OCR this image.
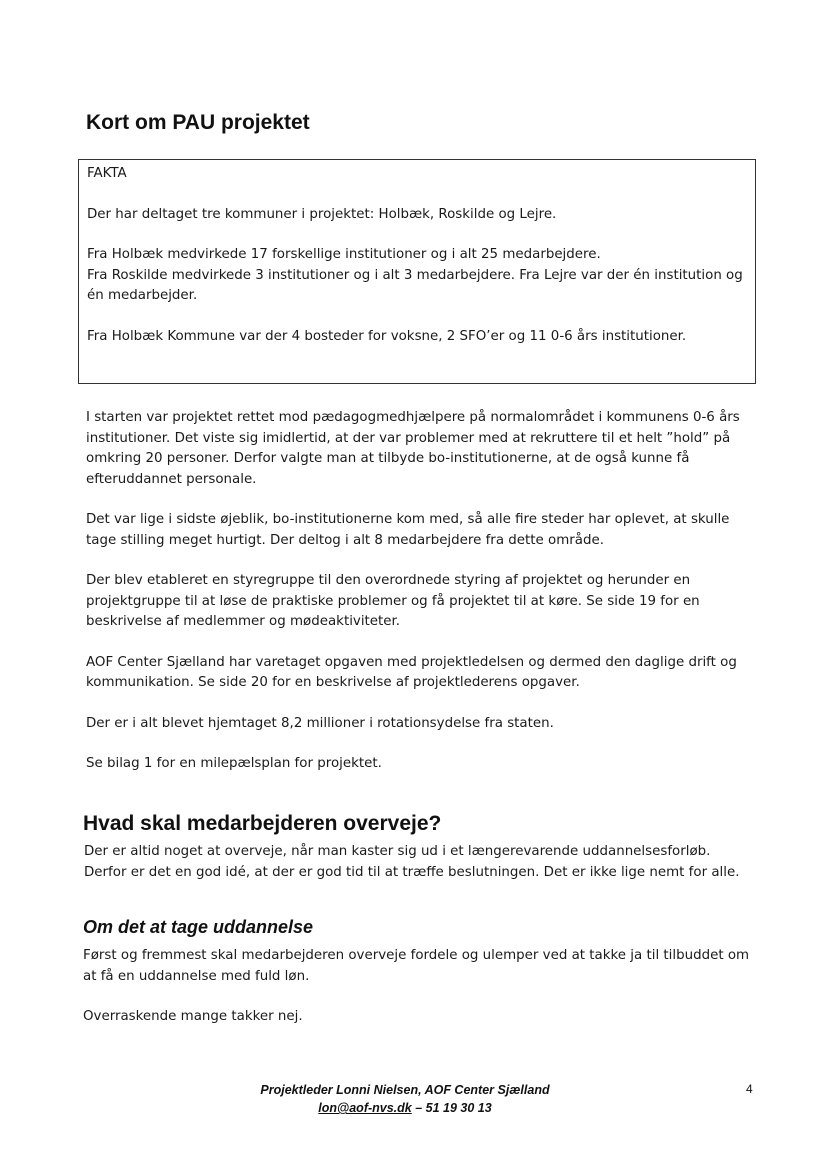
Kort om PAU projektet

FAKTA

Der har deltaget tre kommuner i projektet: Holbæk, Roskilde og Lejre.

Fra Holbæk medvirkede 17 forskellige institutioner og i alt 25 medarbejdere.

Fra Roskilde medvirkede 3 institutioner og i alt 3 medarbejdere. Fra Lejre var der én institution og én medarbejder.

Fra Holbæk Kommune var der 4 bosteder for voksne, 2 SFO’er og 11 0-6 års institutioner.

I starten var projektet rettet mod pædagogmedhjælpere på normalområdet i kommunens 0-6 års institutioner. Det viste sig imidlertid, at der var problemer med at rekruttere til et helt ”hold” på omkring 20 personer. Derfor valgte man at tilbyde bo-institutionerne, at de også kunne få efteruddannet personale.

Det var lige i sidste øjeblik, bo-institutionerne kom med, så alle fire steder har oplevet, at skulle tage stilling meget hurtigt. Der deltog i alt 8 medarbejdere fra dette område.

Der blev etableret en styregruppe til den overordnede styring af projektet og herunder en projektgruppe til at løse de praktiske problemer og få projektet til at køre. Se side 19 for en beskrivelse af medlemmer og mødeaktiviteter.

AOF Center Sjælland har varetaget opgaven med projektledelsen og dermed den daglige drift og kommunikation. Se side 20 for en beskrivelse af projektlederens opgaver.

Der er i alt blevet hjemtaget 8,2 millioner i rotationsydelse fra staten.

Se bilag 1 for en milepælsplan for projektet.

Hvad skal medarbejderen overveje?

Der er altid noget at overveje, når man kaster sig ud i et længerevarende uddannelsesforløb. Derfor er det en god idé, at der er god tid til at træffe beslutningen. Det er ikke lige nemt for alle.

Om det at tage uddannelse

Først og fremmest skal medarbejderen overveje fordele og ulemper ved at takke ja til tilbuddet om at få en uddannelse med fuld løn.

Overraskende mange takker nej.

Projektleder Lonni Nielsen, AOF Center Sjælland
lon@aof-nvs.dk – 51 19 30 13
4
